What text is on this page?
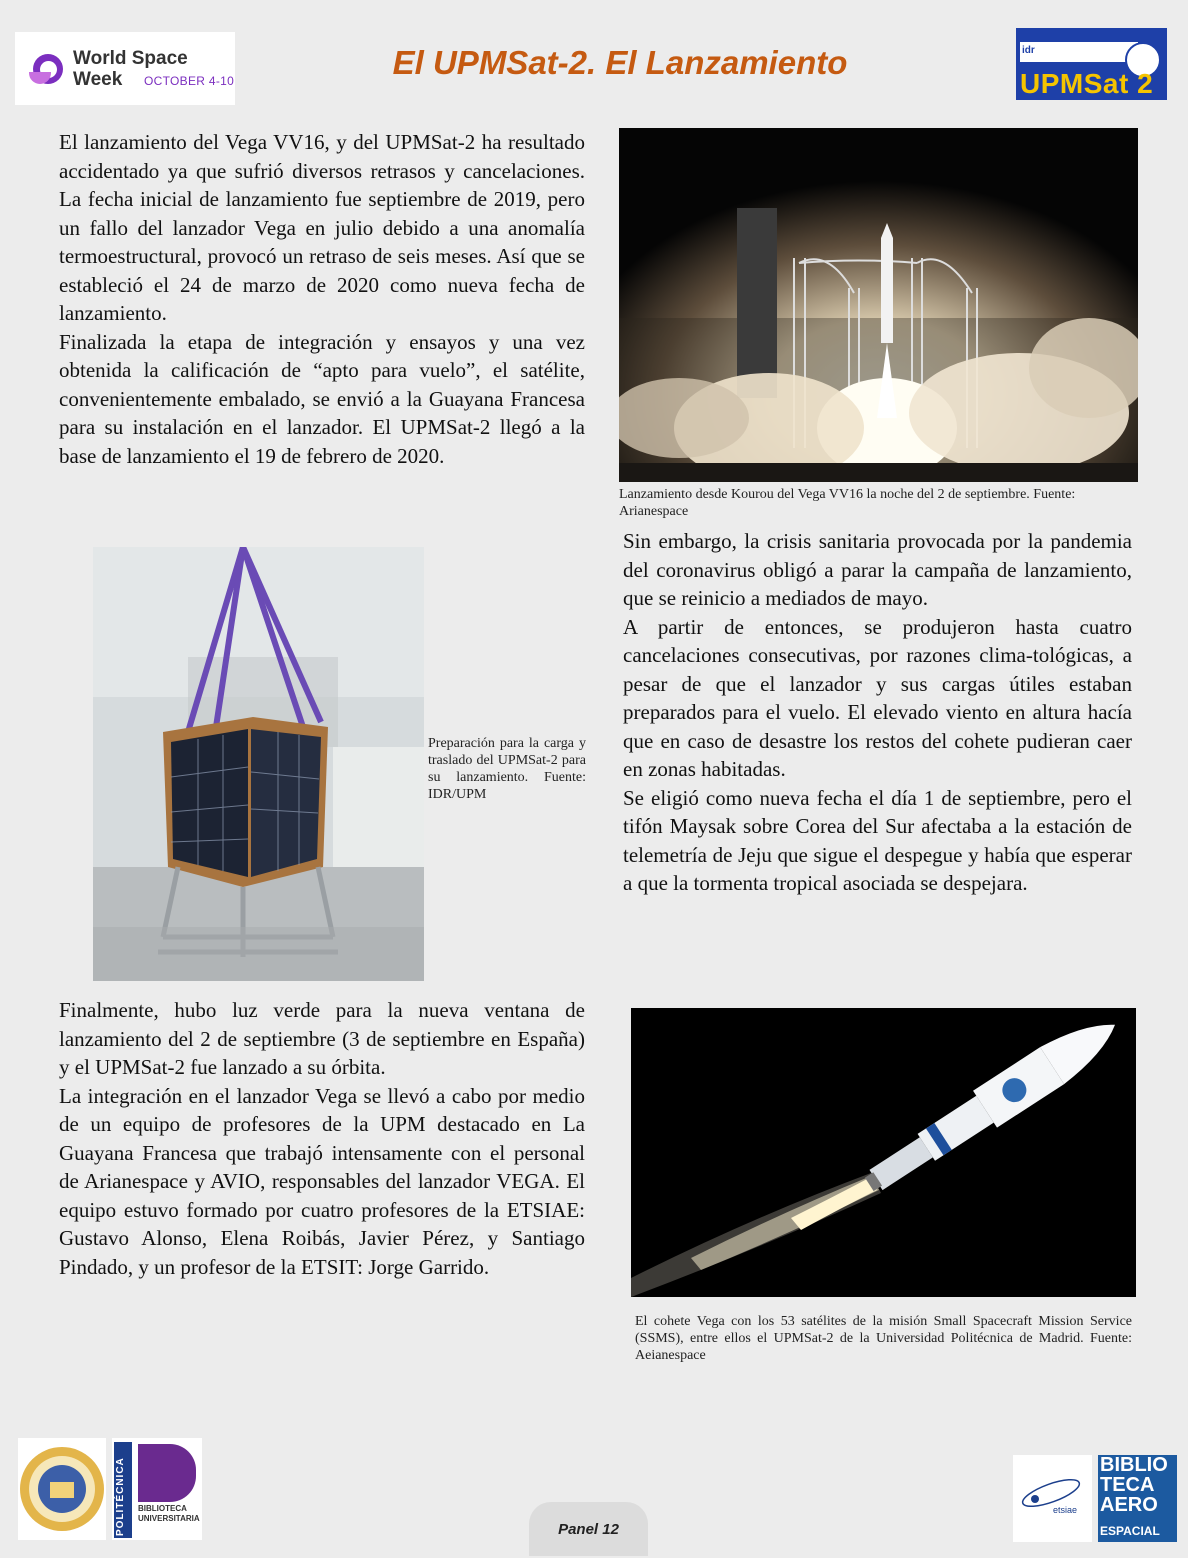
World Space
Week OCTOBER 4-10	El UPMSat-2. El Lanzamiento	idr
UPMSat 2

El lanzamiento del Vega VV16, y del UPMSat-2 ha resultado accidentado ya que sufrió diversos retrasos y cancelaciones. La fecha inicial de lanzamiento fue septiembre de 2019, pero un fallo del lanzador Vega en julio debido a una anomalía termoestructural, provocó un retraso de seis meses. Así que se estableció el 24 de marzo de 2020 como nueva fecha de lanzamiento.

Finalizada la etapa de integración y ensayos y una vez obtenida la calificación de “apto para vuelo”, el satélite, convenientemente embalado, se envió a la Guayana Francesa para su instalación en el lanzador. El UPMSat-2 llegó a la base de lanzamiento el 19 de febrero de 2020.

Lanzamiento desde Kourou del Vega VV16 la noche del 2 de septiembre. Fuente: Arianespace

Sin embargo, la crisis sanitaria provocada por la pandemia del coronavirus obligó a parar la campaña de lanzamiento, que se reinicio a mediados de mayo.

A partir de entonces, se produjeron hasta cuatro cancelaciones consecutivas, por razones clima-tológicas, a pesar de que el lanzador y sus cargas útiles estaban preparados para el vuelo. El elevado viento en altura hacía que en caso de desastre los restos del cohete pudieran caer en zonas habitadas.

Se eligió como nueva fecha el día 1 de septiembre, pero el tifón Maysak sobre Corea del Sur afectaba a la estación de telemetría de Jeju que sigue el despegue y había que esperar a que la tormenta tropical asociada se despejara.

Preparación para la carga y traslado del UPMSat-2 para su lanzamiento. Fuente: IDR/UPM

Finalmente, hubo luz verde para la nueva ventana de lanzamiento del 2 de septiembre (3 de septiembre en España) y el UPMSat-2 fue lanzado a su órbita.

La integración en el lanzador Vega se llevó a cabo por medio de un equipo de profesores de la UPM destacado en La Guayana Francesa que trabajó intensamente con el personal de Arianespace y AVIO, responsables del lanzador VEGA. El equipo estuvo formado por cuatro profesores de la ETSIAE: Gustavo Alonso, Elena Roibás, Javier Pérez, y Santiago Pindado, y un profesor de la ETSIT: Jorge Garrido.

El cohete Vega con los 53 satélites de la misión Small Spacecraft Mission Service (SSMS), entre ellos el UPMSat-2 de la Universidad Politécnica de Madrid. Fuente: Aeianespace
POLITÉCNICA BIBLIOTECA UNIVERSITARIA
Panel 12
etsiae
BIBLIO
TECA
AERO
ESPACIAL
